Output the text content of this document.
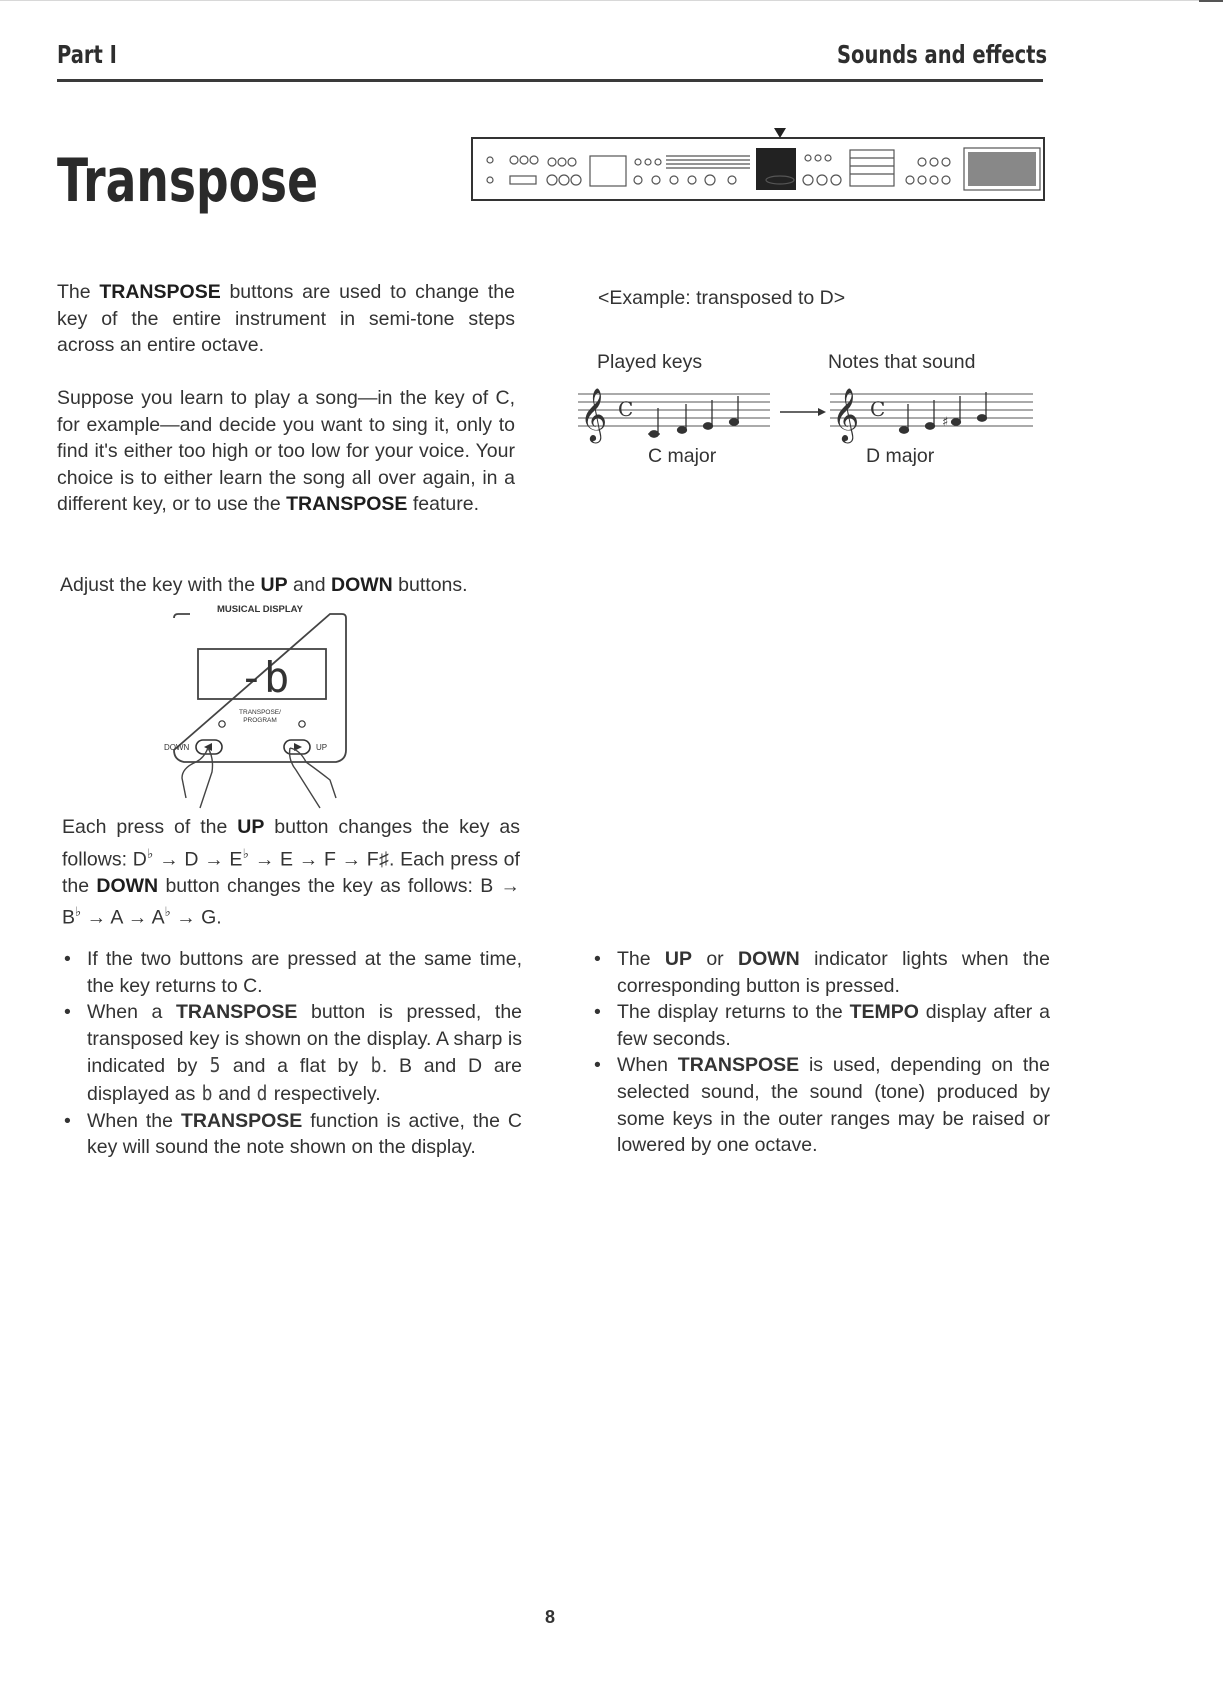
Part I	Sounds and effects
Transpose
The TRANSPOSE buttons are used to change the key of the entire instrument in semi-tone steps across an entire octave.
Suppose you learn to play a song—in the key of C, for example—and decide you want to sing it, only to find it's either too high or too low for your voice. Your choice is to either learn the song all over again, in a different key, or to use the TRANSPOSE feature.
Adjust the key with the UP and DOWN buttons.
MUSICAL DISPLAY
-b
TRANSPOSE/
PROGRAM
DOWN	UP
Each press of the UP button changes the key as follows: D♭ → D → E♭ → E → F → F♯. Each press of the DOWN button changes the key as follows: B → B♭ → A → A♭ → G.
<Example: transposed to D>
Played keys	Notes that sound
𝄞	𝄞
C	C
♯
C major	D major
• If the two buttons are pressed at the same time, the key returns to C.
• When a TRANSPOSE button is pressed, the transposed key is shown on the display. A sharp is indicated by 5 and a flat by b. B and D are displayed as b and d respectively.
• When the TRANSPOSE function is active, the C key will sound the note shown on the display.
• The UP or DOWN indicator lights when the corresponding button is pressed.
• The display returns to the TEMPO display after a few seconds.
• When TRANSPOSE is used, depending on the selected sound, the sound (tone) produced by some keys in the outer ranges may be raised or lowered by one octave.
8
